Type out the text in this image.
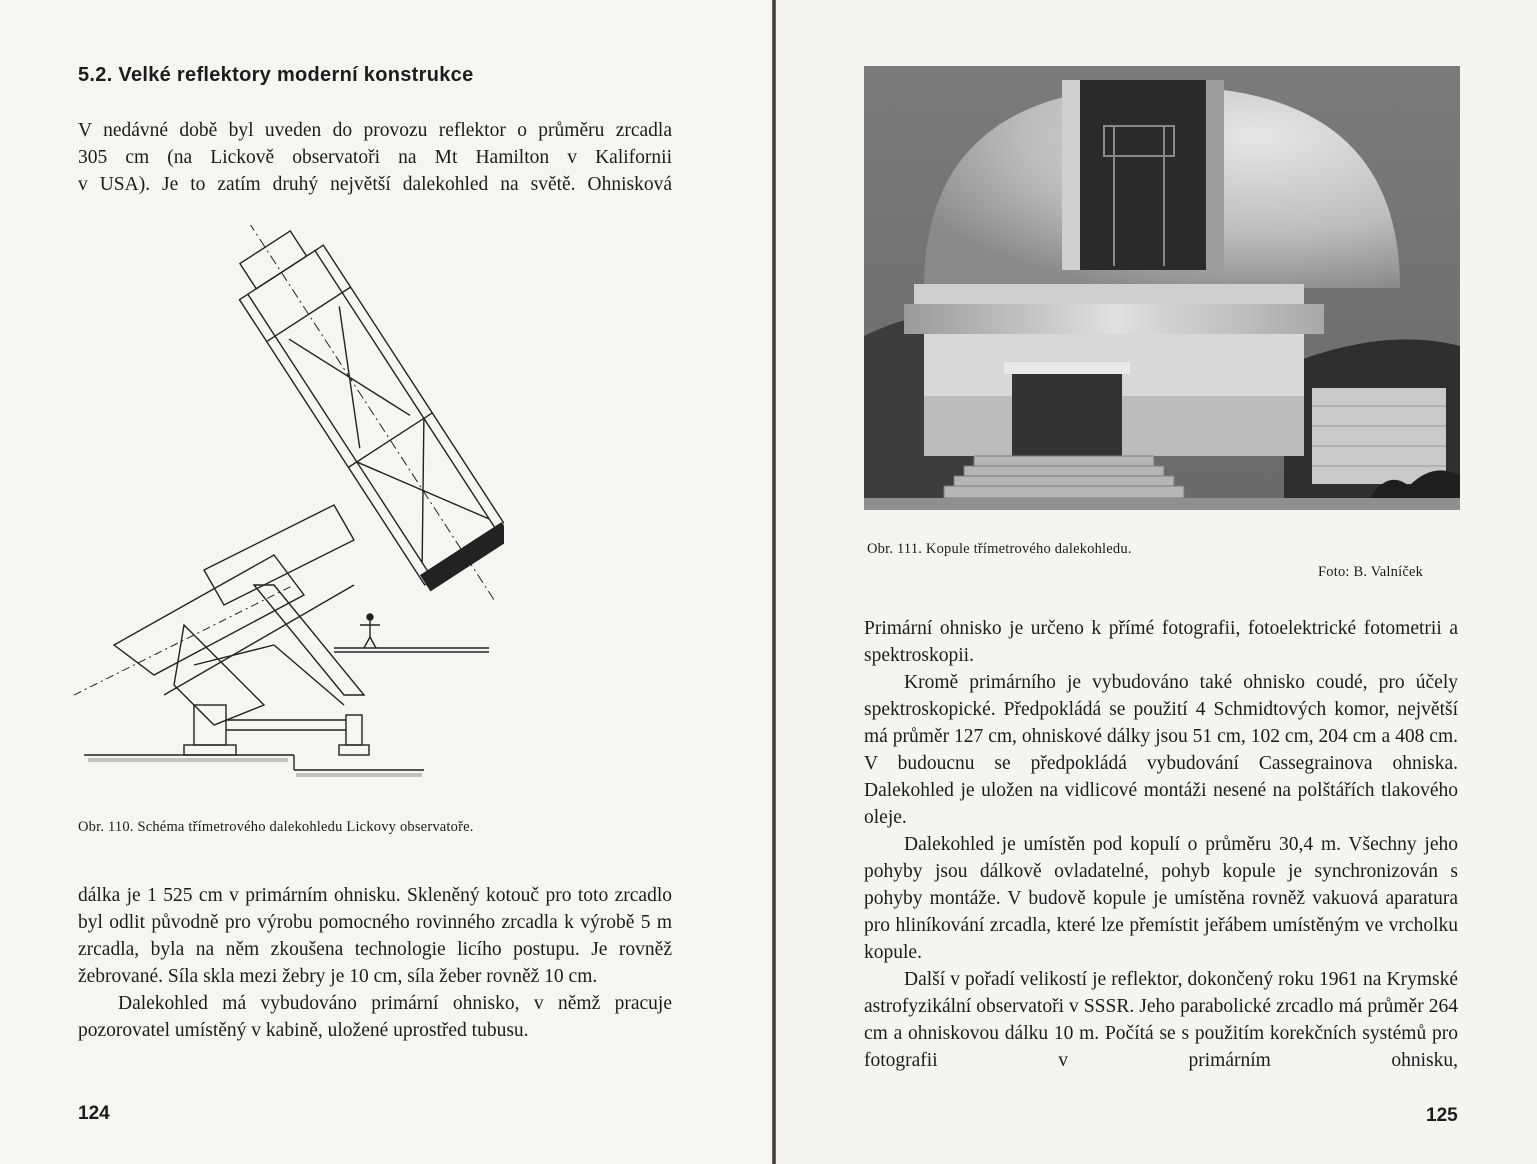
5.2. Velké reflektory moderní konstrukce

V nedávné době byl uveden do provozu reflektor o průměru zrcadla

305 cm (na Lickově observatoři na Mt Hamilton v Kalifornii

v USA). Je to zatím druhý největší dalekohled na světě. Ohnisková

Obr. 110. Schéma třímetrového dalekohledu Lickovy observatoře.

dálka je 1 525 cm v primárním ohnisku. Skleněný kotouč pro toto zrcadlo byl odlit původně pro výrobu pomocného rovinného zrcadla k výrobě 5 m zrcadla, byla na něm zkoušena technologie licího postupu. Je rovněž žebrované. Síla skla mezi žebry je 10 cm, síla žeber rovněž 10 cm.

Dalekohled má vybudováno primární ohnisko, v němž pracuje pozorovatel umístěný v kabině, uložené uprostřed tubusu.

124
Obr. 111. Kopule třímetrového dalekohledu.
Foto: B. Valníček

Primární ohnisko je určeno k přímé fotografii, fotoelektrické fotometrii a spektroskopii.

Kromě primárního je vybudováno také ohnisko coudé, pro účely spektroskopické. Předpokládá se použití 4 Schmidtových komor, největší má průměr 127 cm, ohniskové dálky jsou 51 cm, 102 cm, 204 cm a 408 cm. V budoucnu se předpokládá vybudování Cassegrainova ohniska. Dalekohled je uložen na vidlicové montáži nesené na polštářích tlakového oleje.

Dalekohled je umístěn pod kopulí o průměru 30,4 m. Všechny jeho pohyby jsou dálkově ovladatelné, pohyb kopule je synchronizován s pohyby montáže. V budově kopule je umístěna rovněž vakuová aparatura pro hliníkování zrcadla, které lze přemístit jeřábem umístěným ve vrcholku kopule.

Další v pořadí velikostí je reflektor, dokončený roku 1961 na Krymské astrofyzikální observatoři v SSSR. Jeho parabolické zrcadlo má průměr 264 cm a ohniskovou dálku 10 m. Počítá se s použitím korekčních systémů pro fotografii v primárním ohnisku,

125
